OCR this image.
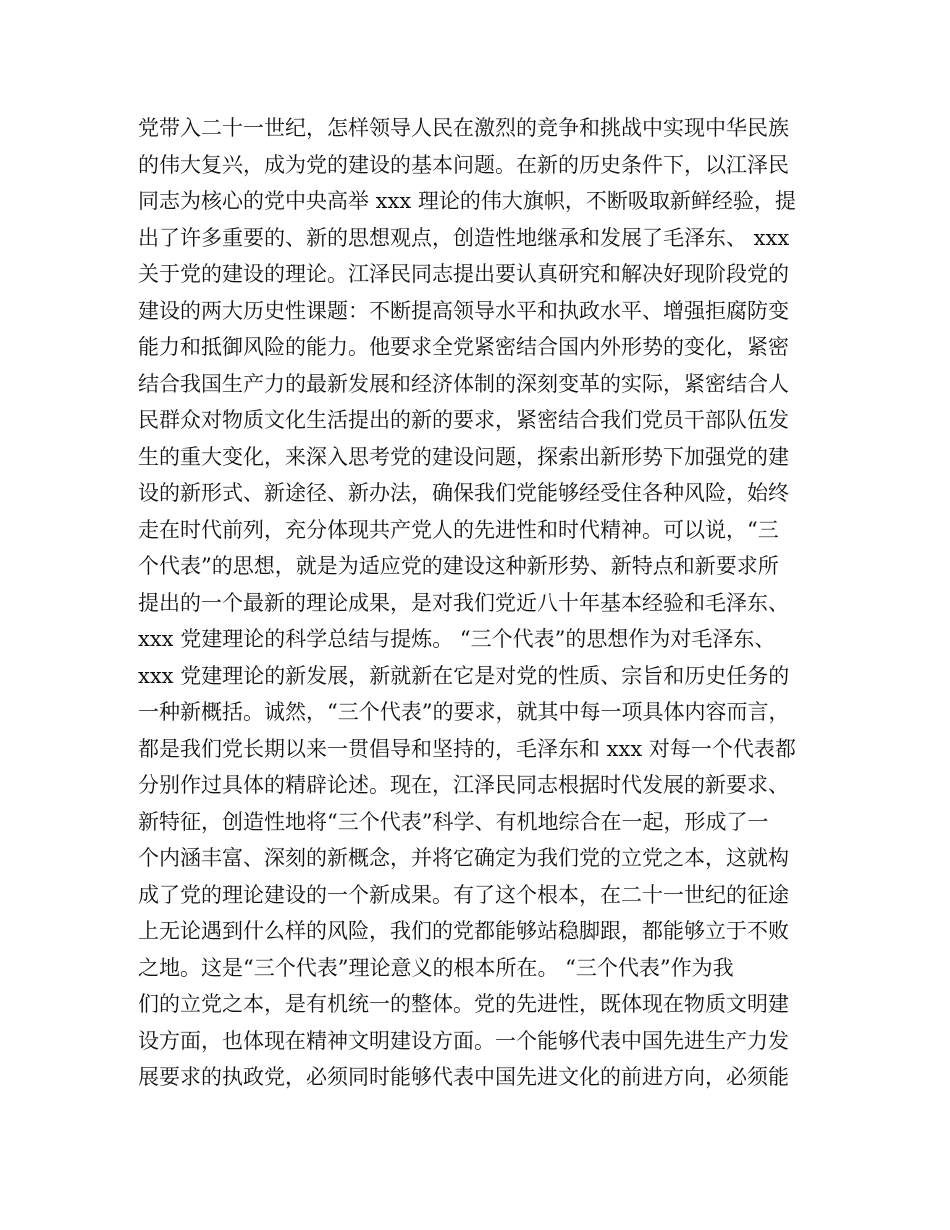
党带入二十一世纪，怎样领导人民在激烈的竞争和挑战中实现中华民族
的伟大复兴，成为党的建设的基本问题。在新的历史条件下，以江泽民
同志为核心的党中央高举 xxx 理论的伟大旗帜，不断吸取新鲜经验，提
出了许多重要的、新的思想观点，创造性地继承和发展了毛泽东、 xxx
关于党的建设的理论。江泽民同志提出要认真研究和解决好现阶段党的
建设的两大历史性课题：不断提高领导水平和执政水平、增强拒腐防变
能力和抵御风险的能力。他要求全党紧密结合国内外形势的变化，紧密
结合我国生产力的最新发展和经济体制的深刻变革的实际，紧密结合人
民群众对物质文化生活提出的新的要求，紧密结合我们党员干部队伍发
生的重大变化，来深入思考党的建设问题，探索出新形势下加强党的建
设的新形式、新途径、新办法，确保我们党能够经受住各种风险，始终
走在时代前列，充分体现共产党人的先进性和时代精神。可以说，“三
个代表”的思想，就是为适应党的建设这种新形势、新特点和新要求所
提出的一个最新的理论成果，是对我们党近八十年基本经验和毛泽东、
xxx 党建理论的科学总结与提炼。 “三个代表”的思想作为对毛泽东、
xxx 党建理论的新发展，新就新在它是对党的性质、宗旨和历史任务的
一种新概括。诚然，“三个代表”的要求，就其中每一项具体内容而言，
都是我们党长期以来一贯倡导和坚持的，毛泽东和 xxx 对每一个代表都
分别作过具体的精辟论述。现在，江泽民同志根据时代发展的新要求、
新特征，创造性地将“三个代表”科学、有机地综合在一起，形成了一
个内涵丰富、深刻的新概念，并将它确定为我们党的立党之本，这就构
成了党的理论建设的一个新成果。有了这个根本，在二十一世纪的征途
上无论遇到什么样的风险，我们的党都能够站稳脚跟，都能够立于不败
之地。这是“三个代表”理论意义的根本所在。 “三个代表”作为我
们的立党之本，是有机统一的整体。党的先进性，既体现在物质文明建
设方面，也体现在精神文明建设方面。一个能够代表中国先进生产力发
展要求的执政党，必须同时能够代表中国先进文化的前进方向，必须能
